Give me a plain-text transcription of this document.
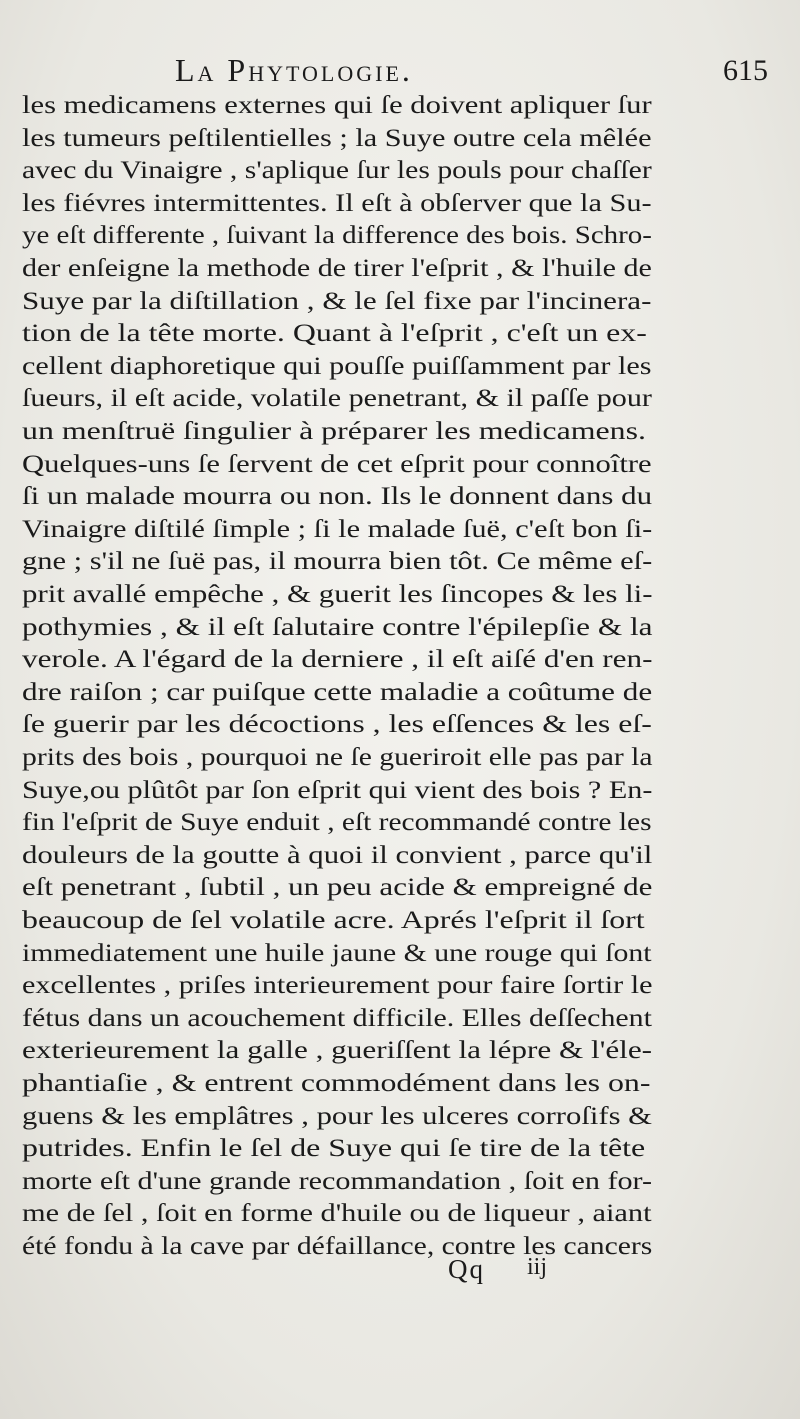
La Phytologie.	615
les medicamens externes qui ſe doivent apliquer ſur
les tumeurs peſtilentielles ; la Suye outre cela mêlée
avec du Vinaigre , s'aplique ſur les pouls pour chaſſer
les fiévres intermittentes. Il eſt à obſerver que la Su-
ye eſt differente , ſuivant la difference des bois. Schro-
der enſeigne la methode de tirer l'eſprit , & l'huile de
Suye par la diſtillation , & le ſel fixe par l'incinera-
tion de la tête morte. Quant à l'eſprit , c'eſt un ex-
cellent diaphoretique qui pouſſe puiſſamment par les
ſueurs, il eſt acide, volatile penetrant, & il paſſe pour
un menſtruë ſingulier à préparer les medicamens.
Quelques-uns ſe ſervent de cet eſprit pour connoître
ſi un malade mourra ou non. Ils le donnent dans du
Vinaigre diſtilé ſimple ; ſi le malade ſuë, c'eſt bon ſi-
gne ; s'il ne ſuë pas, il mourra bien tôt. Ce même eſ-
prit avallé empêche , & guerit les ſincopes & les li-
pothymies , & il eſt ſalutaire contre l'épilepſie & la
verole. A l'égard de la derniere , il eſt aiſé d'en ren-
dre raiſon ; car puiſque cette maladie a coûtume de
ſe guerir par les décoctions , les eſſences & les eſ-
prits des bois , pourquoi ne ſe gueriroit elle pas par la
Suye,ou plûtôt par ſon eſprit qui vient des bois ? En-
fin l'eſprit de Suye enduit , eſt recommandé contre les
douleurs de la goutte à quoi il convient , parce qu'il
eſt penetrant , ſubtil , un peu acide & empreigné de
beaucoup de ſel volatile acre. Aprés l'eſprit il ſort
immediatement une huile jaune & une rouge qui ſont
excellentes , priſes interieurement pour faire ſortir le
fétus dans un acouchement difficile. Elles deſſechent
exterieurement la galle , gueriſſent la lépre & l'éle-
phantiaſie , & entrent commodément dans les on-
guens & les emplâtres , pour les ulceres corroſifs &
putrides. Enfin le ſel de Suye qui ſe tire de la tête
morte eſt d'une grande recommandation , ſoit en for-
me de ſel , ſoit en forme d'huile ou de liqueur , aiant
été fondu à la cave par défaillance, contre les cancers
Qq iij
